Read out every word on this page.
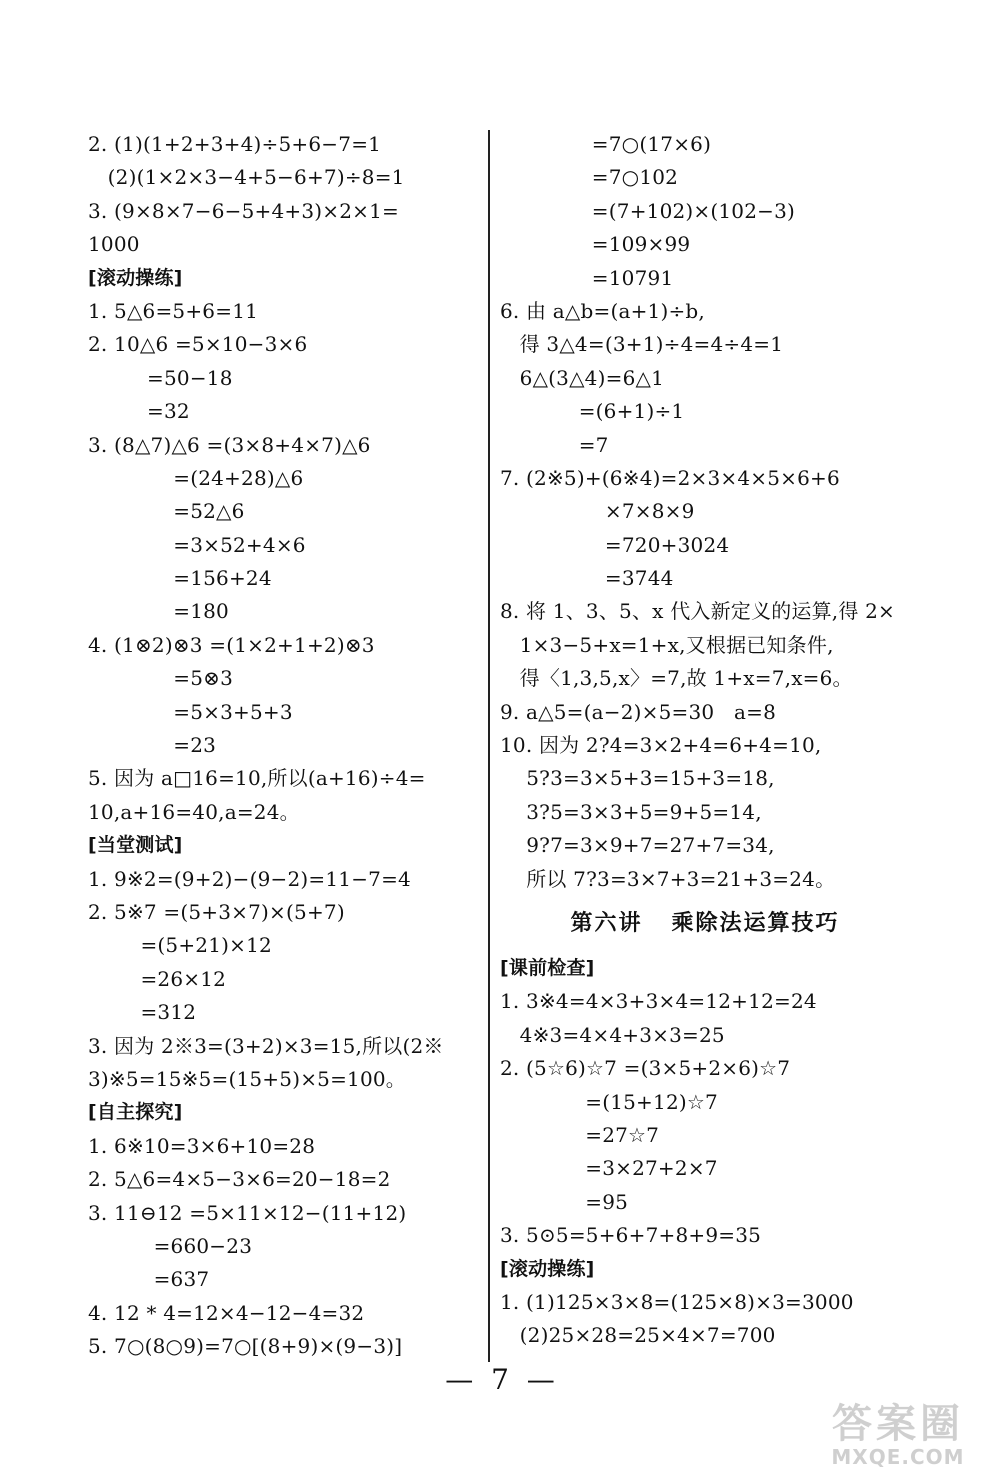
2. (1)(1+2+3+4)÷5+6−7=1
(2)(1×2×3−4+5−6+7)÷8=1
3. (9×8×7−6−5+4+3)×2×1=
1000
[滚动操练]
1. 5△6=5+6=11
2. 10△6 =5×10−3×6
=50−18
=32
3. (8△7)△6 =(3×8+4×7)△6
=(24+28)△6
=52△6
=3×52+4×6
=156+24
=180
4. (1⊗2)⊗3 =(1×2+1+2)⊗3
=5⊗3
=5×3+5+3
=23
5. 因为 a□16=10,所以(a+16)÷4=
10,a+16=40,a=24。
[当堂测试]
1. 9※2=(9+2)−(9−2)=11−7=4
2. 5※7 =(5+3×7)×(5+7)
=(5+21)×12
=26×12
=312
3. 因为 2※3=(3+2)×3=15,所以(2※
3)※5=15※5=(15+5)×5=100。
[自主探究]
1. 6※10=3×6+10=28
2. 5△6=4×5−3×6=20−18=2
3. 11⊖12 =5×11×12−(11+12)
=660−23
=637
4. 12 * 4=12×4−12−4=32
5. 7○(8○9)=7○[(8+9)×(9−3)]
=7○(17×6)
=7○102
=(7+102)×(102−3)
=109×99
=10791
6. 由 a△b=(a+1)÷b,
得 3△4=(3+1)÷4=4÷4=1
6△(3△4)=6△1
=(6+1)÷1
=7
7. (2※5)+(6※4)=2×3×4×5×6+6
×7×8×9
=720+3024
=3744
8. 将 1、3、5、x 代入新定义的运算,得 2×
1×3−5+x=1+x,又根据已知条件,
得〈1,3,5,x〉=7,故 1+x=7,x=6。
9. a△5=(a−2)×5=30   a=8
10. 因为 2?4=3×2+4=6+4=10,
5?3=3×5+3=15+3=18,
3?5=3×3+5=9+5=14,
9?7=3×9+7=27+7=34,
所以 7?3=3×7+3=21+3=24。
第六讲   乘除法运算技巧
[课前检查]
1. 3※4=4×3+3×4=12+12=24
4※3=4×4+3×3=25
2. (5☆6)☆7 =(3×5+2×6)☆7
=(15+12)☆7
=27☆7
=3×27+2×7
=95
3. 5⊙5=5+6+7+8+9=35
[滚动操练]
1. (1)125×3×8=(125×8)×3=3000
(2)25×28=25×4×7=700
—  7  —
答案圈
MXQE.COM
